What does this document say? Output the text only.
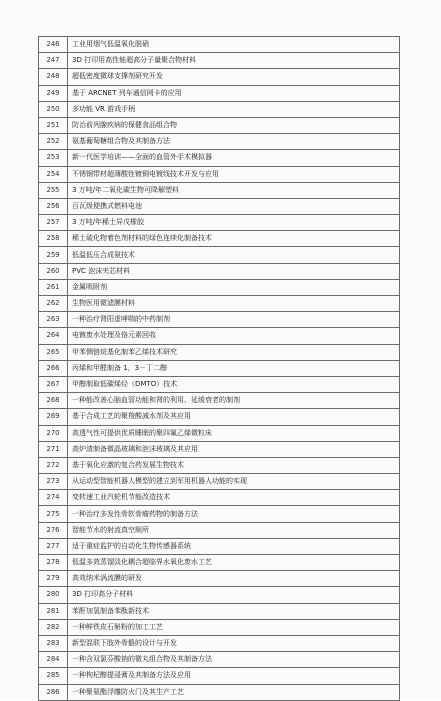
246	工业用烟气低温氧化脱硝
247	3D 打印用高性能超高分子量聚合物材料
248	超低密度微球支撑剂研究开发
249	基于 ARCNET 列车通信网卡的应用
250	多功能 VR 游戏手柄
251	防治前列腺疾病的保健食品组合物
252	氨基葡萄糖组合物及其制备方法
253	新一代医学培训——全面的血管外手术模拟器
254	不锈钢带材超薄酸性镀铜电镀线技术开发与应用
255	3 万吨/年二氧化碳生物可降解塑料
256	百瓦级便携式燃料电池
257	3 万吨/年稀土异戊橡胶
258	稀土硫化物着色剂材料的绿色连续化制备技术
259	低温低压合成氨技术
260	PVC 泡沫夹芯材料
261	金属吸附剂
262	生物医用微滤膜材料
263	一种治疗肾阳虚哮喘的中药制剂
264	电镀废水处理及铬元素回收
265	甲苯侧链烷基化制苯乙烯技术研究
266	丙烯和甲醛制备 1，3－丁二醇
267	甲醇制取低碳烯烃（DMTO）技术
268	一种能改善心脑血管功能和肾的利用、延缓衰老的制剂
269	基于合成工艺的聚羧酸减水剂及其应用
270	高透气性可提供优质睡眠的聚四氟乙烯微粒床
271	高炉渣制备微晶玻璃和泡沫玻璃及其应用
272	基于氧化应激的复合药发展生物技术
273	从运动型智能机器人模型的建立到军用机器人功能的实现
274	变转速工业汽轮机节能改造技术
275	一种治疗多发性骨软骨瘤药物的制备方法
276	智能节水的射流真空厕所
277	适于重症监护的自动化生物传感器系统
278	低温多效蒸馏淡化耦合超临界水氧化废水工艺
279	高效纳米涡流膜的研发
280	3D 打印高分子材料
281	苯酐加氢制备苯酞新技术
282	一种鲜铁皮石斛粉的加工工艺
283	新型混联下肢外骨骼的设计与开发
284	一种含双氯芬酸钠的微丸组合物及其制备方法
285	一种枸杞醇提浸膏及其制备方法及应用
286	一种聚氨酯浮雕防火门及其生产工艺
